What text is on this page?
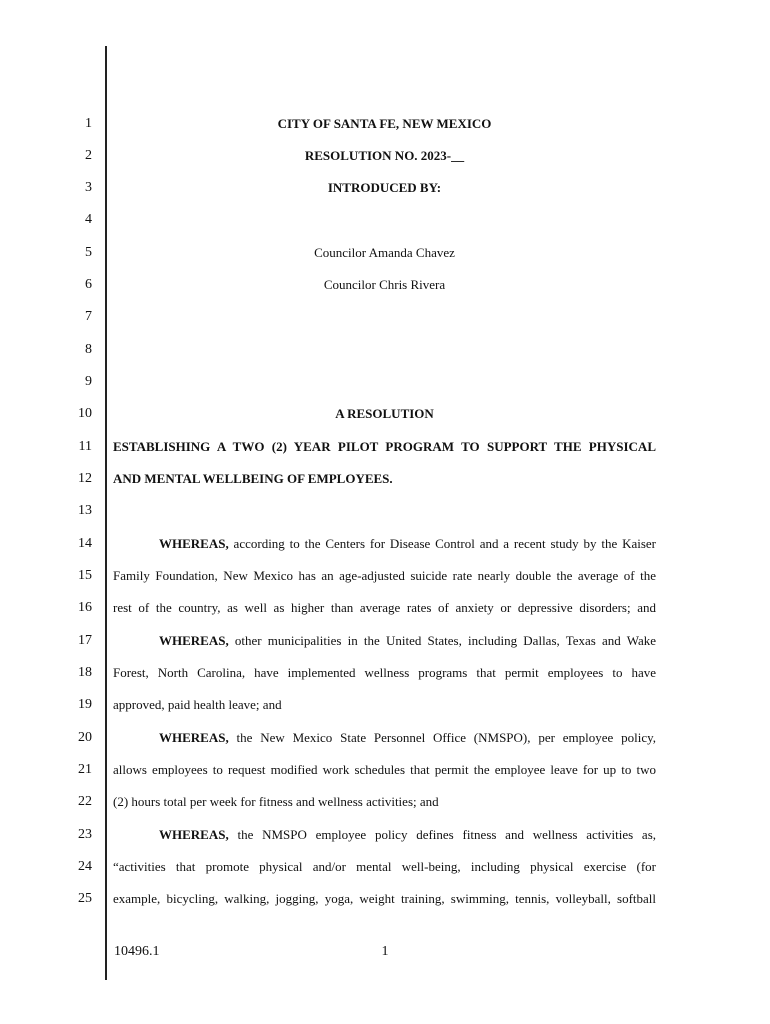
1
2
3
4
5
6
7
8
9
10
11
12
13
14
15
16
17
18
19
20
21
22
23
24
25
CITY OF SANTA FE, NEW MEXICO
RESOLUTION NO. 2023-__
INTRODUCED BY:
Councilor Amanda Chavez
Councilor Chris Rivera
A RESOLUTION
ESTABLISHING A TWO (2) YEAR PILOT PROGRAM TO SUPPORT THE PHYSICAL
AND MENTAL WELLBEING OF EMPLOYEES.
WHEREAS, according to the Centers for Disease Control and a recent study by the Kaiser
Family Foundation, New Mexico has an age-adjusted suicide rate nearly double the average of the
rest of the country, as well as higher than average rates of anxiety or depressive disorders; and
WHEREAS, other municipalities in the United States, including Dallas, Texas and Wake
Forest, North Carolina, have implemented wellness programs that permit employees to have
approved, paid health leave; and
WHEREAS, the New Mexico State Personnel Office (NMSPO), per employee policy,
allows employees to request modified work schedules that permit the employee leave for up to two
(2) hours total per week for fitness and wellness activities; and
WHEREAS, the NMSPO employee policy defines fitness and wellness activities as,
“activities that promote physical and/or mental well-being, including physical exercise (for
example, bicycling, walking, jogging, yoga, weight training, swimming, tennis, volleyball, softball
10496.1	1
